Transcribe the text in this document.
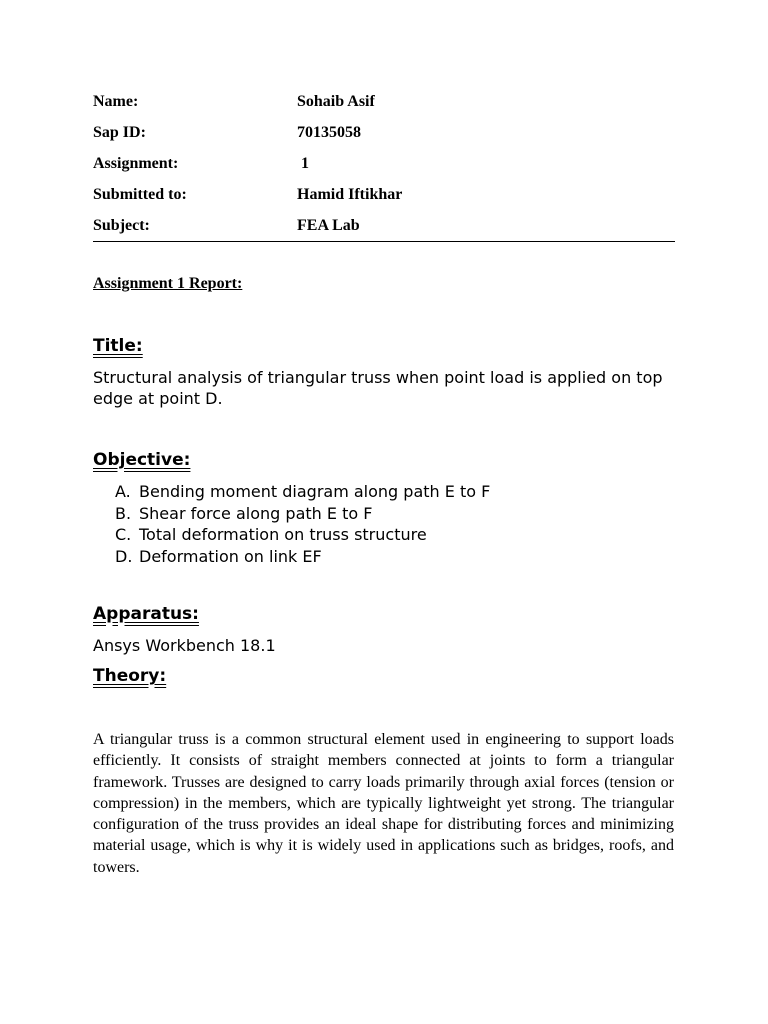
Name:	Sohaib Asif
Sap ID:	70135058
Assignment:	1
Submitted to:	Hamid Iftikhar
Subject:	FEA Lab
Assignment 1 Report:
Title:
Structural analysis of triangular truss when point load is applied on top edge at point D.
Objective:
A. Bending moment diagram along path E to F
B. Shear force along path E to F
C. Total deformation on truss structure
D. Deformation on link EF
Apparatus:
Ansys Workbench 18.1
Theory:

A triangular truss is a common structural element used in engineering to support loads efficiently. It consists of straight members connected at joints to form a triangular framework. Trusses are designed to carry loads primarily through axial forces (tension or compression) in the members, which are typically lightweight yet strong. The triangular configuration of the truss provides an ideal shape for distributing forces and minimizing material usage, which is why it is widely used in applications such as bridges, roofs, and towers.
